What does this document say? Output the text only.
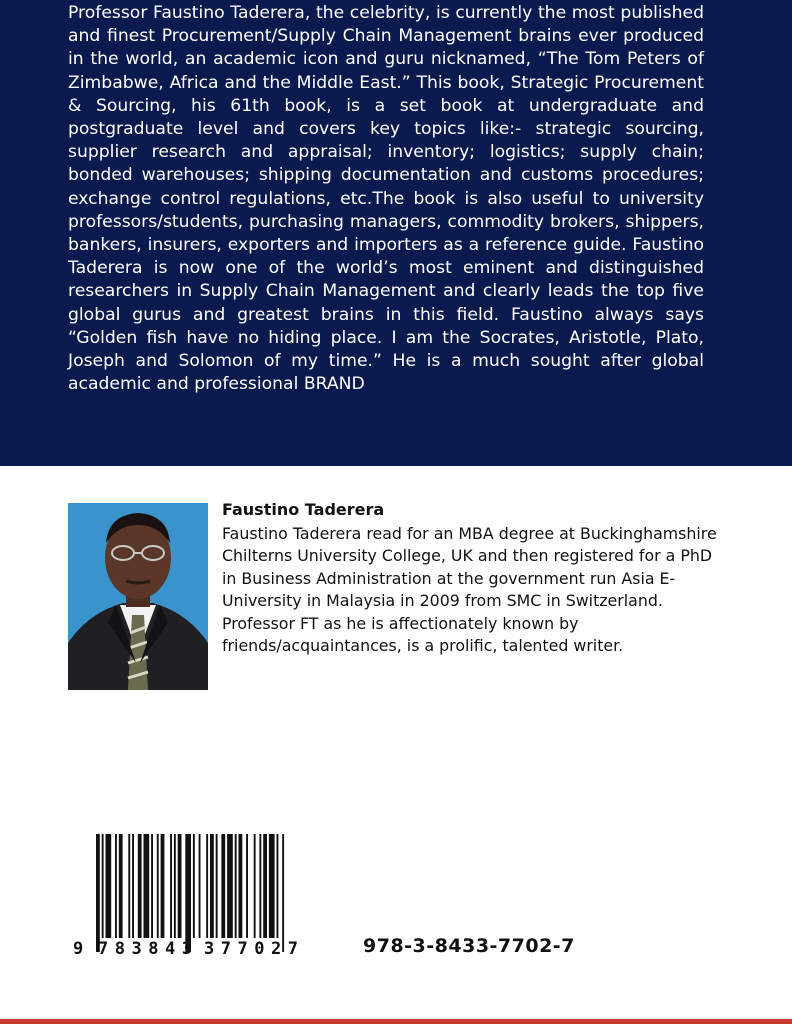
Professor Faustino Taderera, the celebrity, is currently the most published and finest Procurement/Supply Chain Management brains ever produced in the world, an academic icon and guru nicknamed, “The Tom Peters of Zimbabwe, Africa and the Middle East.” This book, Strategic Procurement & Sourcing, his 61th book, is a set book at undergraduate and postgraduate level and covers key topics like:- strategic sourcing, supplier research and appraisal; inventory; logistics; supply chain; bonded warehouses; shipping documentation and customs procedures; exchange control regulations, etc.The book is also useful to university professors/students, purchasing managers, commodity brokers, shippers, bankers, insurers, exporters and importers as a reference guide. Faustino Taderera is now one of the world’s most eminent and distinguished researchers in Supply Chain Management and clearly leads the top five global gurus and greatest brains in this field. Faustino always says “Golden fish have no hiding place. I am the Socrates, Aristotle, Plato, Joseph and Solomon of my time.” He is a much sought after global academic and professional BRAND

Faustino Taderera

Faustino Taderera read for an MBA degree at Buckinghamshire Chilterns University College, UK and then registered for a PhD in Business Administration at the government run Asia E- University in Malaysia in 2009 from SMC in Switzerland. Professor FT as he is affectionately known by friends/acquaintances, is a prolific, talented writer.

9 783843 377027	978-3-8433-7702-7
